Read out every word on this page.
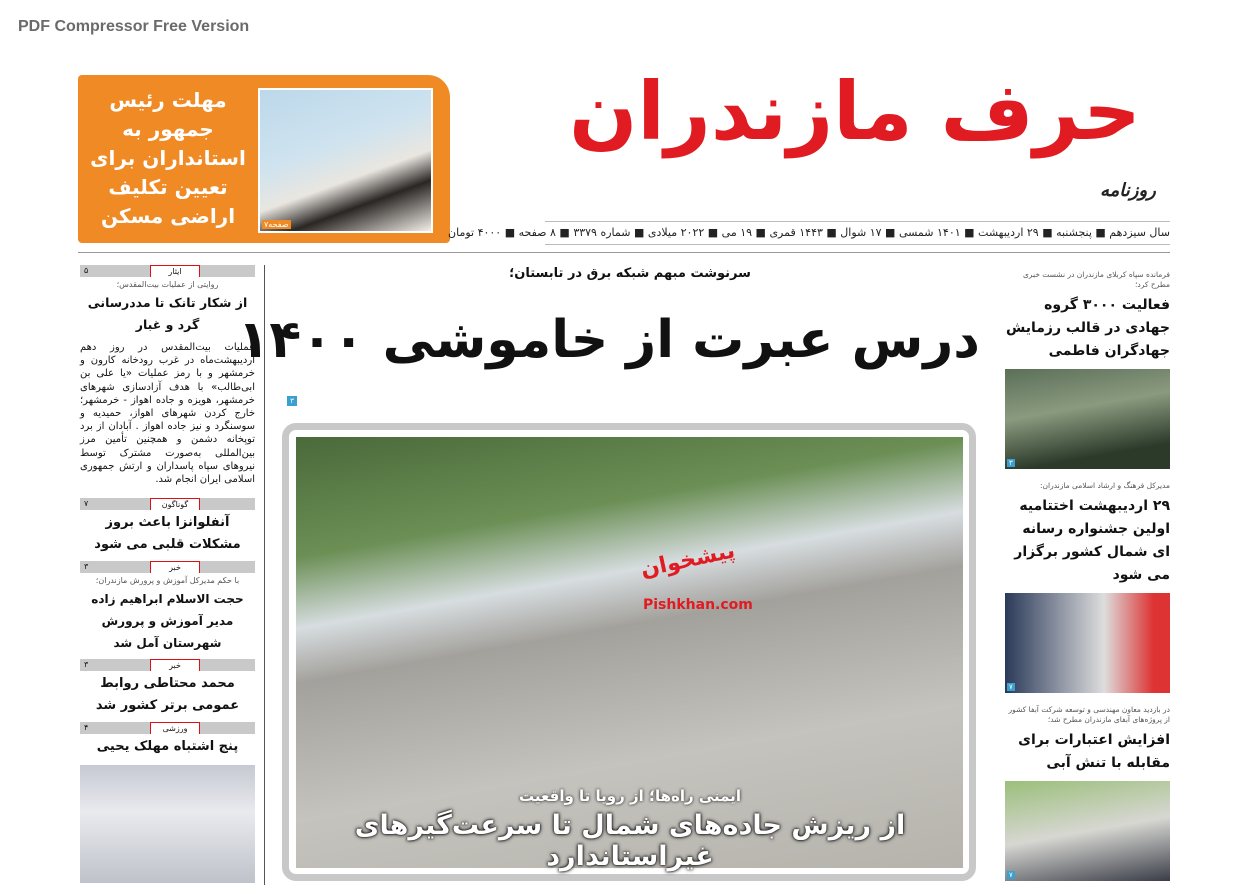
PDF Compressor Free Version
مهلت رئیس جمهور به استانداران برای تعیین تکلیف اراضی مسکن	صفحه۷
حرف مازندران
روزنامه
سال سیزدهم ■ پنجشنبه ■ ۲۹ اردیبهشت ■ ۱۴۰۱ شمسی ■ ۱۷ شوال ■ ۱۴۴۳ قمری ■ ۱۹ می ■ ۲۰۲۲ میلادی ■ شماره ۳۳۷۹ ■ ۸ صفحه ■ ۴۰۰۰ تومان
ایثار
۵
روایتی از عملیات بیت‌المقدس؛
از شکار تانک تا مددرسانی گرد و غبار
عملیات بیت‌المقدس در روز دهم اردیبهشت‌ماه در غرب رودخانه کارون و خرمشهر و با رمز عملیات «یا علی بن ابی‌طالب» با هدف آزادسازی شهرهای خرمشهر، هویزه و جاده اهواز - خرمشهر؛ خارج کردن شهرهای اهواز، حمیدیه و سوسنگرد و نیز جاده اهواز . آبادان از برد توپخانه دشمن و همچنین تأمین مرز بین‌المللی به‌صورت مشترک توسط نیروهای سپاه پاسداران و ارتش جمهوری اسلامی ایران انجام شد.
گوناگون
۷
آنفلوانزا باعث بروز مشکلات قلبی می شود
خبر
۳
با حکم مدیرکل آموزش و پرورش مازندران؛
حجت الاسلام ابراهیم زاده مدیر آموزش و پرورش شهرستان آمل شد
خبر
۳
محمد محتاطی روابط عمومی برتر کشور شد
ورزشی
۴
پنج اشتباه مهلک یحیی
سرنوشت مبهم شبکه برق در تابستان؛
درس عبرت از خاموشی ۱۴۰۰
۳
پیشخوان
Pishkhan.com
ایمنی راه‌ها؛ از رویا تا واقعیت
از ریزش جاده‌های شمال تا سرعت‌گیرهای غیراستاندارد
فرمانده سپاه کربلای مازندران در نشست خبری مطرح کرد؛
فعالیت ۳۰۰۰ گروه جهادی در قالب رزمایش جهادگران فاطمی
۳
مدیرکل فرهنگ و ارشاد اسلامی مازندران:
۲۹ اردیبهشت اختتامیه اولین جشنواره رسانه ای شمال کشور برگزار می شود
۷
در بازدید معاون مهندسی و توسعه شرکت آبفا کشور از پروژه‌های آبفای مازندران مطرح شد؛
افزایش اعتبارات برای مقابله با تنش آبی
۷
